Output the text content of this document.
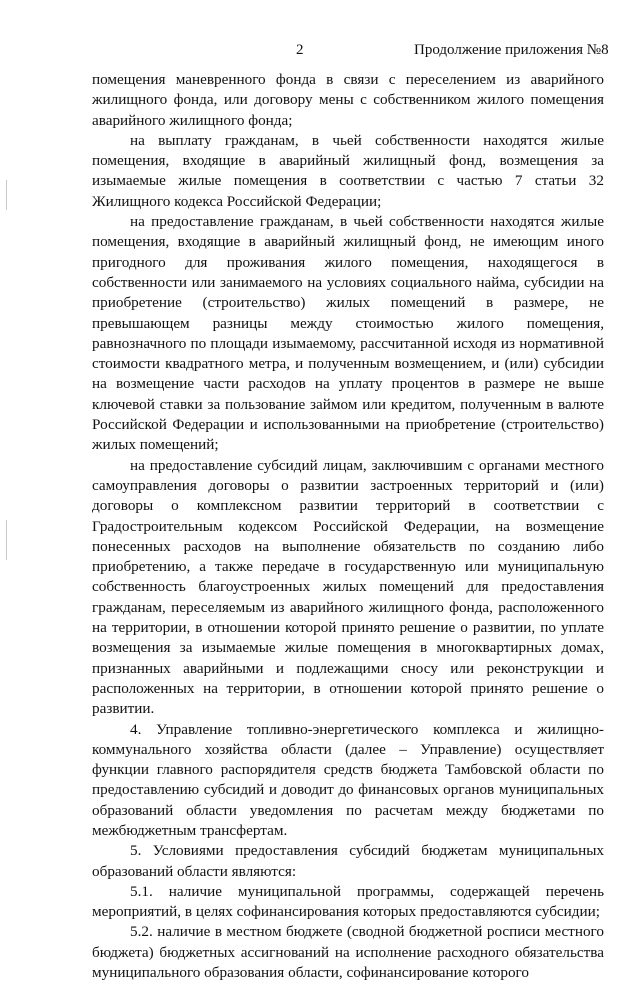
2	Продолжение приложения №8

помещения маневренного фонда в связи с переселением из аварийного жилищного фонда, или договору мены с собственником жилого помещения аварийного жилищного фонда;

на выплату гражданам, в чьей собственности находятся жилые помещения, входящие в аварийный жилищный фонд, возмещения за изымаемые жилые помещения в соответствии с частью 7 статьи 32 Жилищного кодекса Российской Федерации;

на предоставление гражданам, в чьей собственности находятся жилые помещения, входящие в аварийный жилищный фонд, не имеющим иного пригодного для проживания жилого помещения, находящегося в собственности или занимаемого на условиях социального найма, субсидии на приобретение (строительство) жилых помещений в размере, не превышающем разницы между стоимостью жилого помещения, равнозначного по площади изымаемому, рассчитанной исходя из нормативной стоимости квадратного метра, и полученным возмещением, и (или) субсидии на возмещение части расходов на уплату процентов в размере не выше ключевой ставки за пользование займом или кредитом, полученным в валюте Российской Федерации и использованными на приобретение (строительство) жилых помещений;

на предоставление субсидий лицам, заключившим с органами местного самоуправления договоры о развитии застроенных территорий и (или) договоры о комплексном развитии территорий в соответствии с Градостроительным кодексом Российской Федерации, на возмещение понесенных расходов на выполнение обязательств по созданию либо приобретению, а также передаче в государственную или муниципальную собственность благоустроенных жилых помещений для предоставления гражданам, переселяемым из аварийного жилищного фонда, расположенного на территории, в отношении которой принято решение о развитии, по уплате возмещения за изымаемые жилые помещения в многоквартирных домах, признанных аварийными и подлежащими сносу или реконструкции и расположенных на территории, в отношении которой принято решение о развитии.

4. Управление топливно-энергетического комплекса и жилищно-коммунального хозяйства области (далее – Управление) осуществляет функции главного распорядителя средств бюджета Тамбовской области по предоставлению субсидий и доводит до финансовых органов муниципальных образований области уведомления по расчетам между бюджетами по межбюджетным трансфертам.

5. Условиями предоставления субсидий бюджетам муниципальных образований области являются:

5.1. наличие муниципальной программы, содержащей перечень мероприятий, в целях софинансирования которых предоставляются субсидии;

5.2. наличие в местном бюджете (сводной бюджетной росписи местного бюджета) бюджетных ассигнований на исполнение расходного обязательства муниципального образования области, софинансирование которого
